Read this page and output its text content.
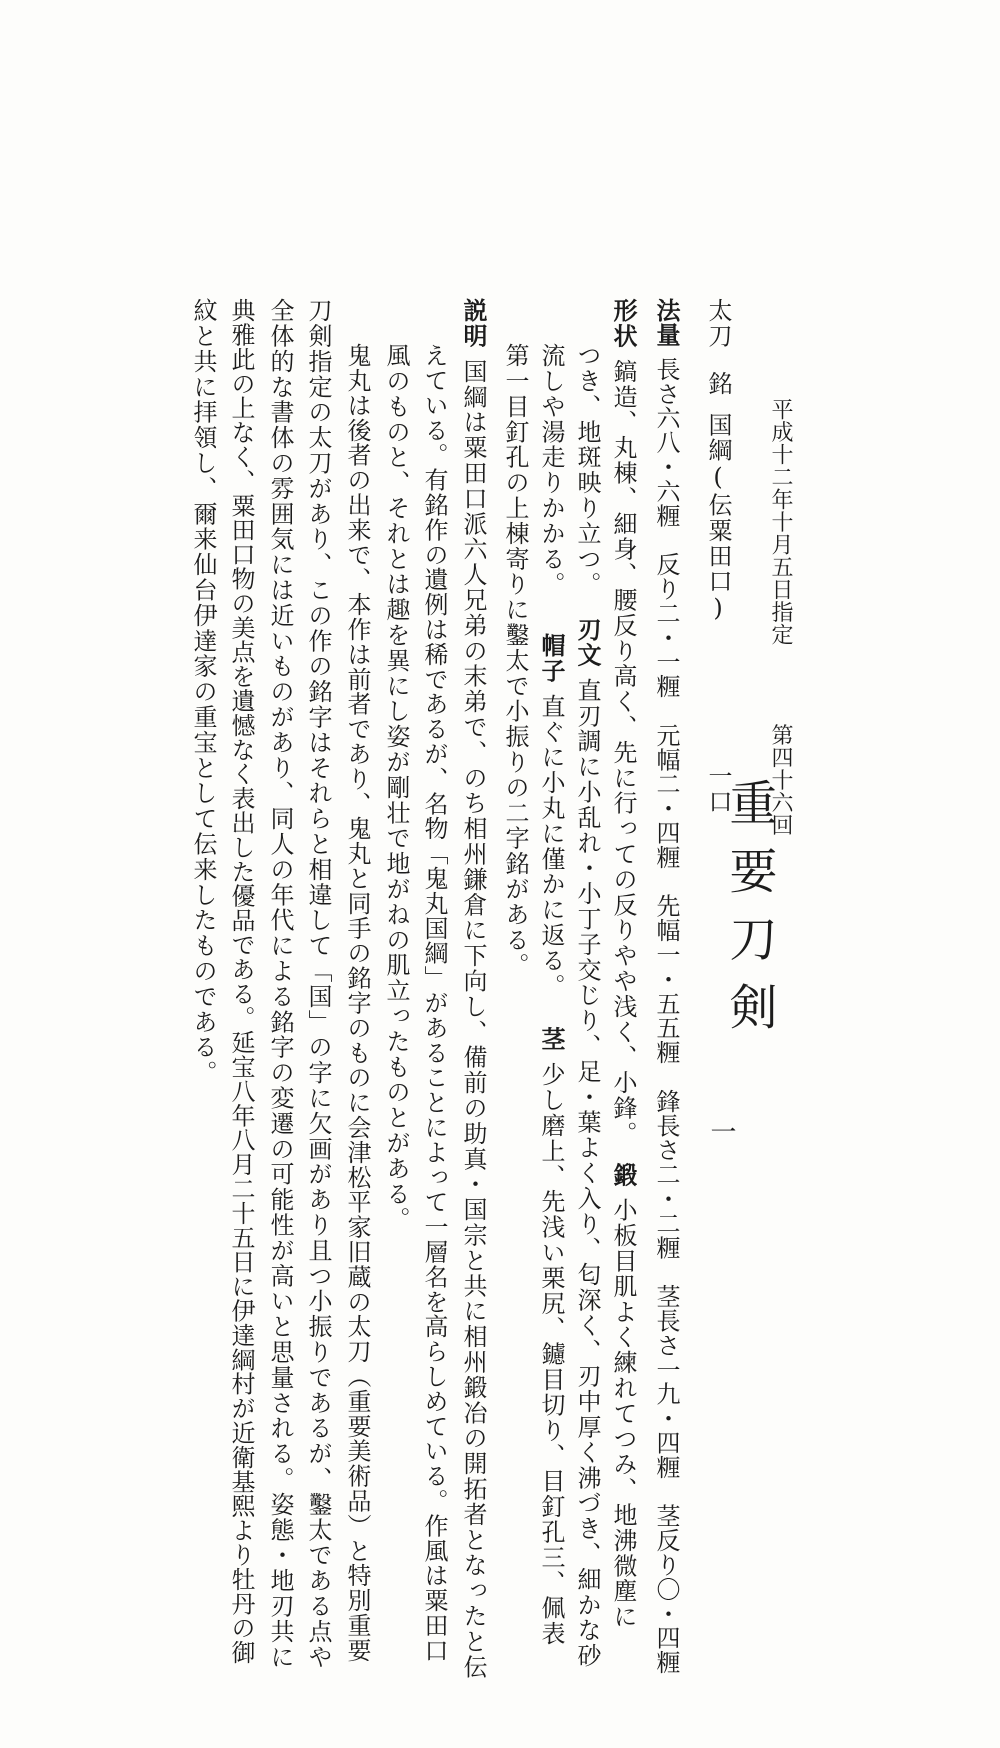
平成十二年十月五日指定第四十六回
重要刀剣
一
太刀銘国綱(伝粟田口)一口
法量長さ六八・六糎　反り二・一糎　元幅二・四糎　先幅一・五五糎　鋒長さ二・二糎　茎長さ一九・四糎　茎反り〇・四糎
形状鎬造、丸棟、細身、腰反り高く、先に行っての反りやや浅く、小鋒。鍛小板目肌よく練れてつみ、地沸微塵に
つき、地斑映り立つ。刃文直刃調に小乱れ・小丁子交じり、足・葉よく入り、匂深く、刃中厚く沸づき、細かな砂
流しや湯走りかかる。帽子直ぐに小丸に僅かに返る。茎少し磨上、先浅い栗尻、鑢目切り、目釘孔三、佩表
第一目釘孔の上棟寄りに鑿太で小振りの二字銘がある。
説明国綱は粟田口派六人兄弟の末弟で、のち相州鎌倉に下向し、備前の助真・国宗と共に相州鍛冶の開拓者となったと伝
えている。有銘作の遺例は稀であるが、名物「鬼丸国綱」があることによって一層名を高らしめている。作風は粟田口
風のものと、それとは趣を異にし姿が剛壮で地がねの肌立ったものとがある。
鬼丸は後者の出来で、本作は前者であり、鬼丸と同手の銘字のものに会津松平家旧蔵の太刀（重要美術品）と特別重要
刀剣指定の太刀があり、この作の銘字はそれらと相違して「国」の字に欠画があり且つ小振りであるが、鑿太である点や
全体的な書体の雰囲気には近いものがあり、同人の年代による銘字の変遷の可能性が高いと思量される。姿態・地刃共に
典雅此の上なく、粟田口物の美点を遺憾なく表出した優品である。延宝八年八月二十五日に伊達綱村が近衛基熙より牡丹の御
紋と共に拝領し、爾来仙台伊達家の重宝として伝来したものである。
